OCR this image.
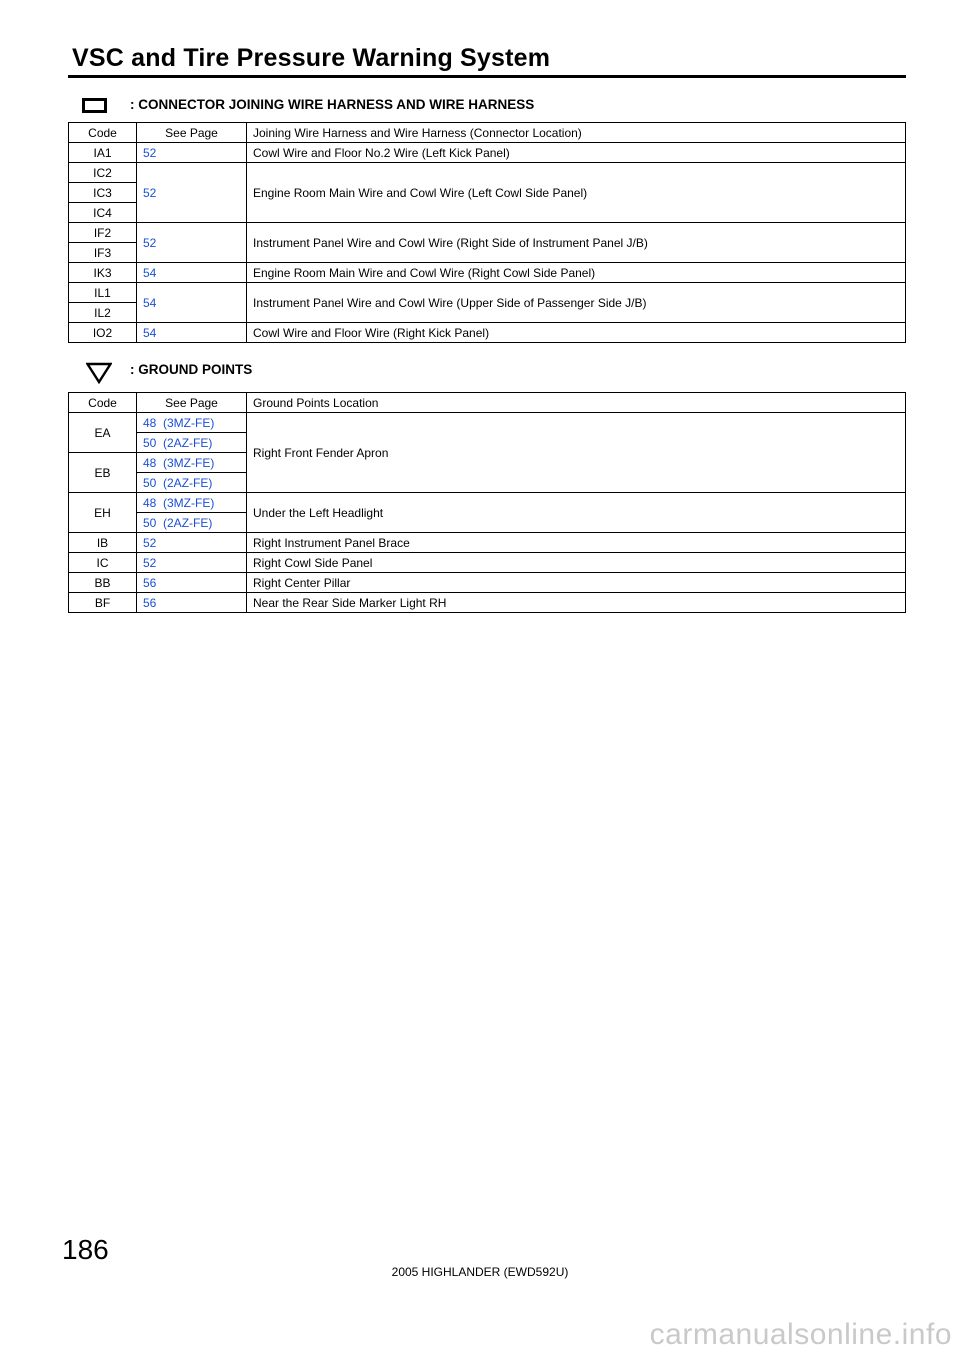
VSC and Tire Pressure Warning System
: CONNECTOR JOINING WIRE HARNESS AND WIRE HARNESS
Code	See Page	Joining Wire Harness and Wire Harness (Connector Location)
IA1	52	Cowl Wire and Floor No.2 Wire (Left Kick Panel)
IC2	52	Engine Room Main Wire and Cowl Wire (Left Cowl Side Panel)
IC3		
IC4		
IF2	52	Instrument Panel Wire and Cowl Wire (Right Side of Instrument Panel J/B)
IF3		
IK3	54	Engine Room Main Wire and Cowl Wire (Right Cowl Side Panel)
IL1	54	Instrument Panel Wire and Cowl Wire (Upper Side of Passenger Side J/B)
IL2		
IO2	54	Cowl Wire and Floor Wire (Right Kick Panel)
: GROUND POINTS
Code	See Page	Ground Points Location
EA	48  (3MZ-FE)	Right Front Fender Apron
	50  (2AZ-FE)	
EB	48  (3MZ-FE)	
	50  (2AZ-FE)	
EH	48  (3MZ-FE)	Under the Left Headlight
	50  (2AZ-FE)	
IB	52	Right Instrument Panel Brace
IC	52	Right Cowl Side Panel
BB	56	Right Center Pillar
BF	56	Near the Rear Side Marker Light RH
186
2005 HIGHLANDER (EWD592U)
carmanualsonline.info
